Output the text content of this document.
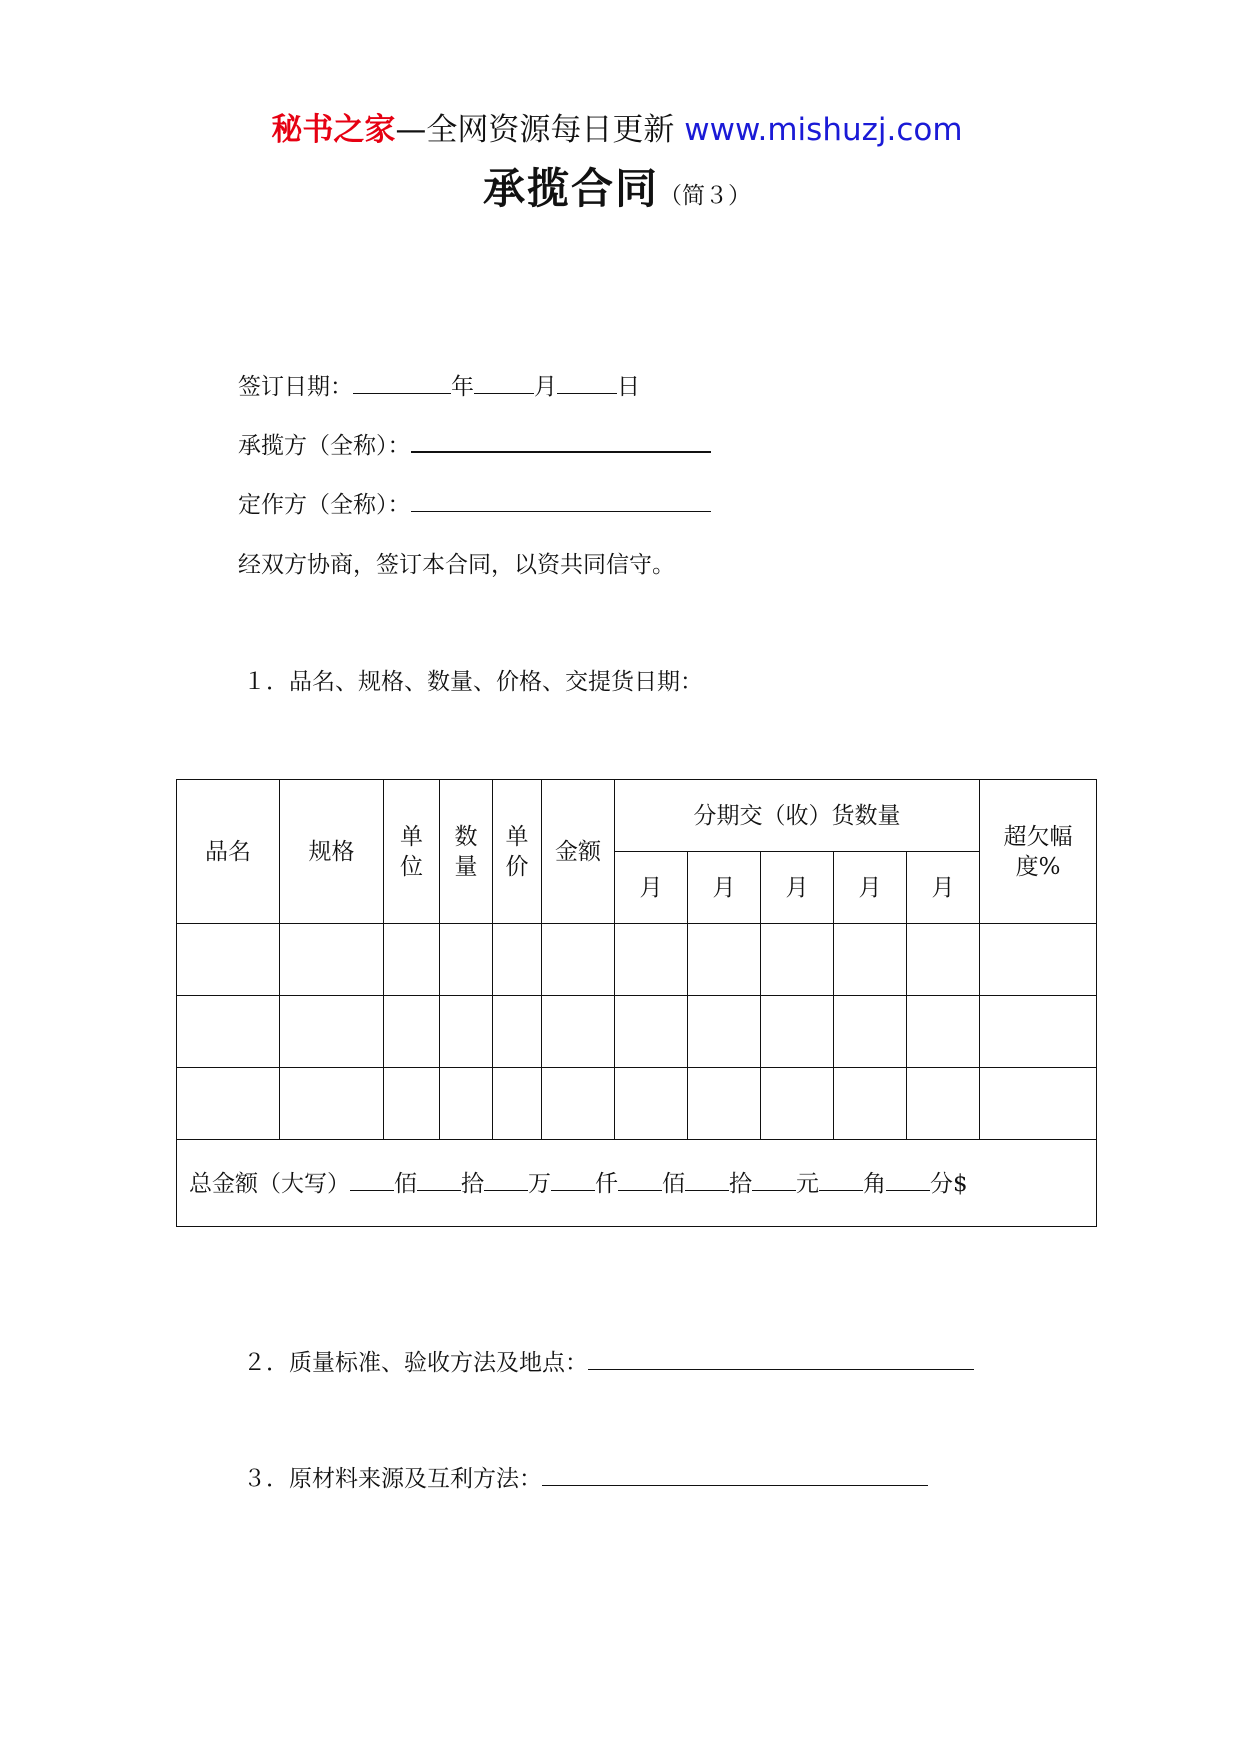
秘书之家—全网资源每日更新 www.mishuzj.com
承揽合同（简３）
签订日期：	年	月	日
承揽方（全称）：
定作方（全称）：
经双方协商，签订本合同，以资共同信守。
１．品名、规格、数量、价格、交提货日期：
品名	规格	单位	数量	单价	金额	分期交（收）货数量					超欠幅度%
						月	月	月	月	月	

总金额（大写） 佰 拾 万 仟 佰 拾 元 角 分$											
２．质量标准、验收方法及地点：
３．原材料来源及互利方法：
